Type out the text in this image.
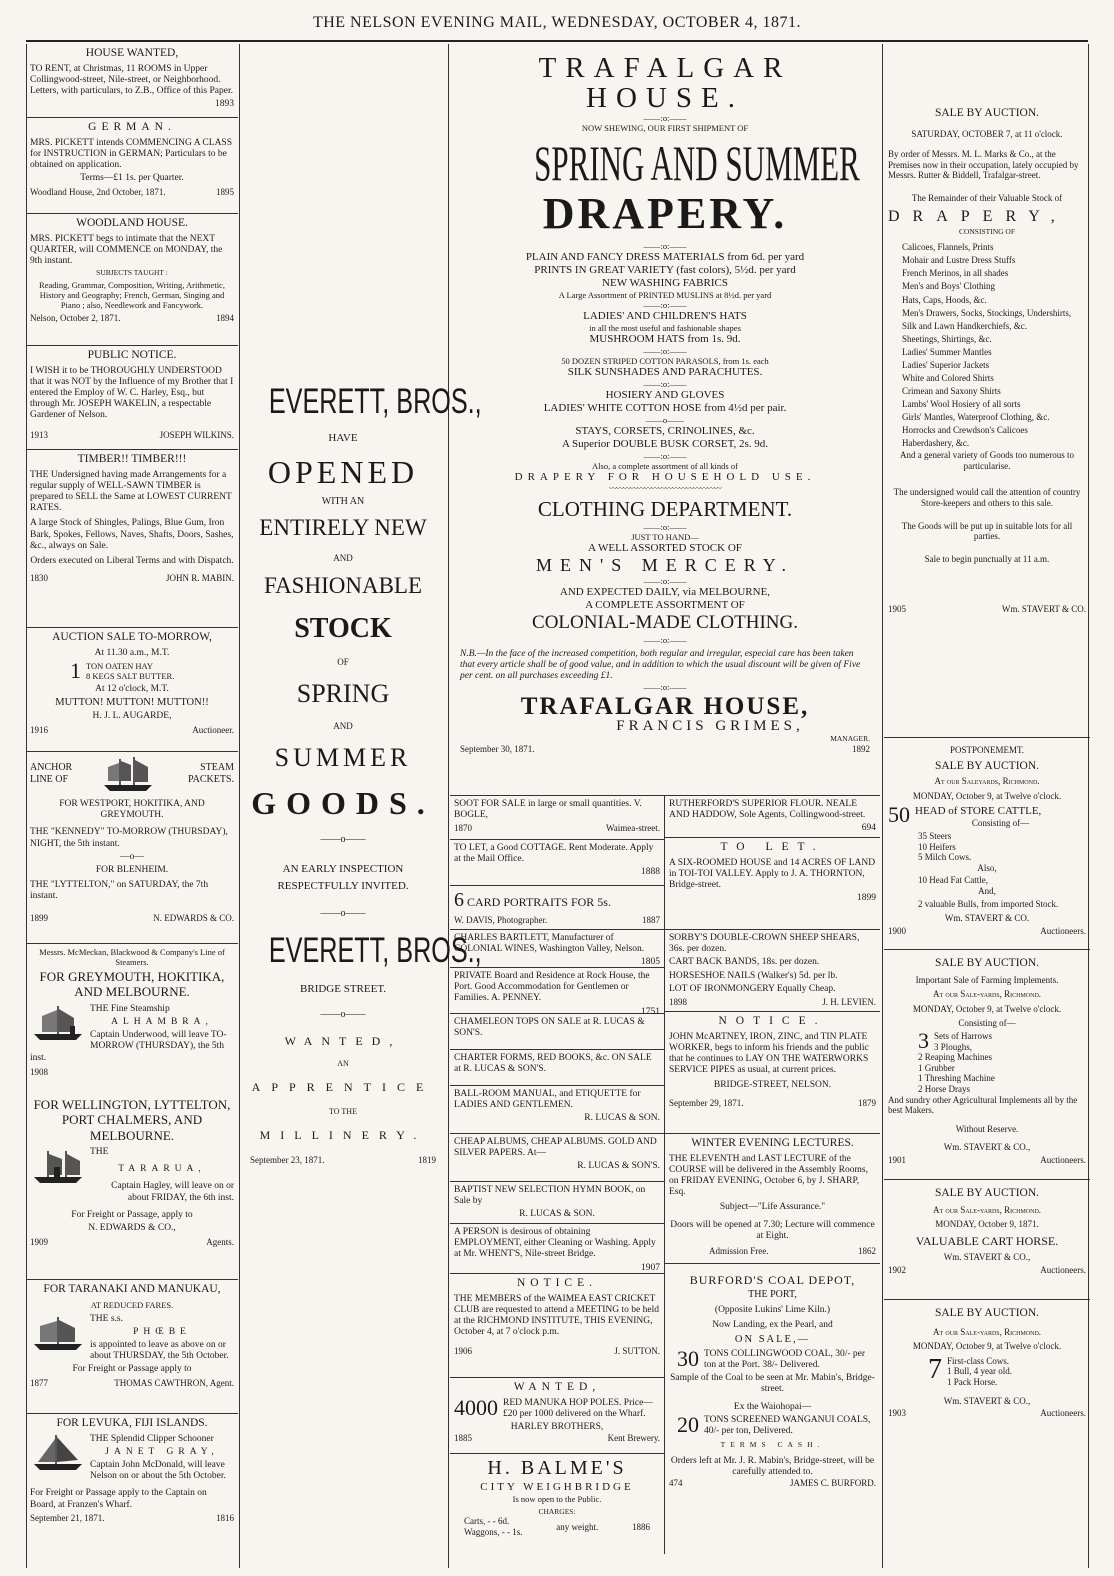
THE NELSON EVENING MAIL, WEDNESDAY, OCTOBER 4, 1871.
HOUSE WANTED,

TO RENT, at Christmas, 11 ROOMS in Upper Collingwood-street, Nile-street, or Neighborhood. Letters, with particulars, to Z.B., Office of this Paper.

1893
GERMAN.

MRS. PICKETT intends COMMENCING A CLASS for INSTRUCTION in GERMAN; Particulars to be obtained on application.

Terms—£1 1s. per Quarter.

Woodland House, 2nd October, 1871.	1895
WOODLAND HOUSE.

MRS. PICKETT begs to intimate that the NEXT QUARTER, will COMMENCE on MONDAY, the 9th instant.

SUBJECTS TAUGHT :

Reading, Grammar, Composition, Writing, Arithmetic, History and Geography; French, German, Singing and Piano ; also, Needlework and Fancywork.

Nelson, October 2, 1871.	1894
PUBLIC NOTICE.

I WISH it to be THOROUGHLY UNDERSTOOD that it was NOT by the Influence of my Brother that I entered the Employ of W. C. Harley, Esq., but through Mr. JOSEPH WAKELIN, a respectable Gardener of Nelson.

1913	JOSEPH WILKINS.
TIMBER!! TIMBER!!!

THE Undersigned having made Arrangements for a regular supply of WELL-SAWN TIMBER is prepared to SELL the Same at LOWEST CURRENT RATES.

A large Stock of Shingles, Palings, Blue Gum, Iron Bark, Spokes, Fellows, Naves, Shafts, Doors, Sashes, &c., always on Sale.

Orders executed on Liberal Terms and with Dispatch.

1830	JOHN R. MABIN.
AUCTION SALE TO-MORROW,

At 11.30 a.m., M.T.

1 TON OATEN HAY
8 KEGS SALT BUTTER.

At 12 o'clock, M.T.

MUTTON! MUTTON! MUTTON!!

H. J. L. AUGARDE,

1916	Auctioneer.
ANCHOR
LINE OF
STEAM
PACKETS.

FOR WESTPORT, HOKITIKA, AND GREYMOUTH.

THE "KENNEDY" TO-MORROW (THURSDAY), NIGHT, the 5th instant.

—o—

FOR BLENHEIM.

THE "LYTTELTON," on SATURDAY, the 7th instant.

1899	N. EDWARDS & CO.

Messrs. McMeckan, Blackwood & Company's Line of Steamers.

FOR GREYMOUTH, HOKITIKA, AND MELBOURNE.

THE Fine Steamship

ALHAMBRA,

Captain Underwood, will leave TO-MORROW (THURSDAY), the 5th inst.

1908
FOR WELLINGTON, LYTTELTON, PORT CHALMERS, AND MELBOURNE.

THE

TARARUA,

Captain Hagley, will leave on or about FRIDAY, the 6th inst.

For Freight or Passage, apply to

N. EDWARDS & CO.,

1909	Agents.
FOR TARANAKI AND MANUKAU,

AT REDUCED FARES.

THE s.s.

PHŒBE

is appointed to leave as above on or about THURSDAY, the 5th October.

For Freight or Passage apply to

1877	THOMAS CAWTHRON, Agent.
FOR LEVUKA, FIJI ISLANDS.

THE Splendid Clipper Schooner

JANET GRAY,

Captain John McDonald, will leave Nelson on or about the 5th October.

For Freight or Passage apply to the Captain on Board, at Franzen's Wharf.

September 21, 1871.	1816
EVERETT, BROS.,
HAVE
OPENED
WITH AN
ENTIRELY NEW
AND
FASHIONABLE
STOCK
OF
SPRING
AND
SUMMER
GOODS.
——o——
AN EARLY INSPECTION RESPECTFULLY INVITED.
——o——
EVERETT, BROS.,
BRIDGE STREET.
——o——
WANTED,
AN
APPRENTICE
TO THE
MILLINERY.
September 23, 1871.	1819
TRAFALGAR HOUSE.
——:o:——
NOW SHEWING, OUR FIRST SHIPMENT OF
SPRING AND SUMMER
DRAPERY.
——:o:——
PLAIN AND FANCY DRESS MATERIALS from 6d. per yard
PRINTS IN GREAT VARIETY (fast colors), 5½d. per yard
NEW WASHING FABRICS
A Large Assortment of PRINTED MUSLINS at 8½d. per yard
——:o:——
LADIES' AND CHILDREN'S HATS
in all the most useful and fashionable shapes
MUSHROOM HATS from 1s. 9d.
——:o:——
50 DOZEN STRIPED COTTON PARASOLS, from 1s. each
SILK SUNSHADES AND PARACHUTES.
——:o:——
HOSIERY AND GLOVES
LADIES' WHITE COTTON HOSE from 4½d per pair.
——o——
STAYS, CORSETS, CRINOLINES, &c.
A Superior DOUBLE BUSK CORSET, 2s. 9d.
——:o:——
Also, a complete assortment of all kinds of
DRAPERY FOR HOUSEHOLD USE.
〰〰〰〰〰〰〰〰〰〰〰〰〰〰〰〰
CLOTHING DEPARTMENT.
——:o:——
JUST TO HAND—
A WELL ASSORTED STOCK OF
MEN'S MERCERY.
——:o:——
AND EXPECTED DAILY, via MELBOURNE,
A COMPLETE ASSORTMENT OF
COLONIAL-MADE CLOTHING.
——:o:——
N.B.—In the face of the increased competition, both regular and irregular, especial care has been taken that every article shall be of good value, and in addition to which the usual discount will be given of Five per cent. on all purchases exceeding £1.
——:o:——
TRAFALGAR HOUSE,
FRANCIS GRIMES,
MANAGER.
September 30, 1871.	1892

SOOT FOR SALE in large or small quantities. V. BOGLE,

1870	Waimea-street.

TO LET, a Good COTTAGE. Rent Moderate. Apply at the Mail Office.

1888
6 CARD PORTRAITS FOR 5s.
W. DAVIS, Photographer.	1887

CHARLES BARTLETT, Manufacturer of COLONIAL WINES, Washington Valley, Nelson.

1805

PRIVATE Board and Residence at Rock House, the Port. Good Accommodation for Gentlemen or Families. A. PENNEY.

1751

CHAMELEON TOPS ON SALE at R. LUCAS & SON'S.

CHARTER FORMS, RED BOOKS, &c. ON SALE at R. LUCAS & SON'S.

BALL-ROOM MANUAL, and ETIQUETTE for LADIES AND GENTLEMEN.

R. LUCAS & SON.

CHEAP ALBUMS, CHEAP ALBUMS. GOLD AND SILVER PAPERS. At—

R. LUCAS & SON'S.

BAPTIST NEW SELECTION HYMN BOOK, on Sale by

R. LUCAS & SON.

A PERSON is desirous of obtaining EMPLOYMENT, either Cleaning or Washing. Apply at Mr. WHENT'S, Nile-street Bridge.

1907
NOTICE.

THE MEMBERS of the WAIMEA EAST CRICKET CLUB are requested to attend a MEETING to be held at the RICHMOND INSTITUTE, THIS EVENING, October 4, at 7 o'clock p.m.

1906	J. SUTTON.
WANTED,
4000 RED MANUKA HOP POLES. Price—£20 per 1000 delivered on the Wharf.

HARLEY BROTHERS,
1885	Kent Brewery.
H. BALME'S
CITY WEIGHBRIDGE
Is now open to the Public.
CHARGES:
Carts, - - 6d.
Waggons, - - 1s.
any weight.	1886

RUTHERFORD'S SUPERIOR FLOUR. NEALE AND HADDOW, Sole Agents, Collingwood-street.

694
TO LET.

A SIX-ROOMED HOUSE and 14 ACRES OF LAND in TOI-TOI VALLEY. Apply to J. A. THORNTON, Bridge-street.

1899

SORBY'S DOUBLE-CROWN SHEEP SHEARS, 36s. per dozen.

CART BACK BANDS, 18s. per dozen.

HORSESHOE NAILS (Walker's) 5d. per lb.

LOT OF IRONMONGERY Equally Cheap.

1898	J. H. LEVIEN.
NOTICE.

JOHN McARTNEY, IRON, ZINC, and TIN PLATE WORKER, begs to inform his friends and the public that he continues to LAY ON THE WATERWORKS SERVICE PIPES as usual, at current prices.

BRIDGE-STREET, NELSON.

September 29, 1871.	1879
WINTER EVENING LECTURES.

THE ELEVENTH and LAST LECTURE of the COURSE will be delivered in the Assembly Rooms, on FRIDAY EVENING, October 6, by J. SHARP, Esq.

Subject—"Life Assurance."

Doors will be opened at 7.30; Lecture will commence at Eight.

Admission Free.	1862
BURFORD'S COAL DEPOT,
THE PORT,
(Opposite Lukins' Lime Kiln.)
Now Landing, ex the Pearl, and
ON SALE,—
30 TONS COLLINGWOOD COAL, 30/- per ton at the Port. 38/- Delivered.

Sample of the Coal to be seen at Mr. Mabin's, Bridge-street.
Ex the Waiohopai—
20 TONS SCREENED WANGANUI COALS, 40/- per ton, Delivered.

TERMS CASH.
Orders left at Mr. J. R. Mabin's, Bridge-street, will be carefully attended to.
474	JAMES C. BURFORD.
SALE BY AUCTION.

SATURDAY, OCTOBER 7, at 11 o'clock.

By order of Messrs. M. L. Marks & Co., at the Premises now in their occupation, lately occupied by Messrs. Rutter & Biddell, Trafalgar-street.

The Remainder of their Valuable Stock of

DRAPERY,

CONSISTING OF

Calicoes, Flannels, Prints
Mohair and Lustre Dress Stuffs
French Merinos, in all shades
Men's and Boys' Clothing
Hats, Caps, Hoods, &c.
Men's Drawers, Socks, Stockings, Undershirts,
Silk and Lawn Handkerchiefs, &c.
Sheetings, Shirtings, &c.
Ladies' Summer Mantles
Ladies' Superior Jackets
White and Colored Shirts
Crimean and Saxony Shirts
Lambs' Wool Hosiery of all sorts
Girls' Mantles, Waterproof Clothing, &c.
Horrocks and Crewdson's Calicoes
Haberdashery, &c.

And a general variety of Goods too numerous to particularise.

The undersigned would call the attention of country Store-keepers and others to this sale.

The Goods will be put up in suitable lots for all parties.

Sale to begin punctually at 11 a.m.

1905	Wm. STAVERT & CO.
POSTPONEMEMT.
SALE BY AUCTION.

At our Saleyards, Richmond.

MONDAY, October 9, at Twelve o'clock.

50 HEAD of STORE CATTLE,

Consisting of—

35 Steers
10 Heifers
5 Milch Cows.

Also,

10 Head Fat Cattle,

And,

2 valuable Bulls, from imported Stock.

Wm. STAVERT & CO.

1900	Auctioneers.
SALE BY AUCTION.

Important Sale of Farming Implements.

At our Sale-yards, Richmond.

MONDAY, October 9, at Twelve o'clock.

Consisting of—

3 Sets of Harrows
3 Ploughs,
2 Reaping Machines
1 Grubber
1 Threshing Machine
2 Horse Drays

And sundry other Agricultural Implements all by the best Makers.

Without Reserve.

Wm. STAVERT & CO.,

1901	Auctioneers.
SALE BY AUCTION.

At our Sale-yards, Richmond.

MONDAY, October 9, 1871.

VALUABLE CART HORSE.

Wm. STAVERT & CO.,

1902	Auctioneers.
SALE BY AUCTION.

At our Sale-yards, Richmond.

MONDAY, October 9, at Twelve o'clock.

7 First-class Cows.
1 Bull, 4 year old.
1 Pack Horse.

Wm. STAVERT & CO.,

1903	Auctioneers.
